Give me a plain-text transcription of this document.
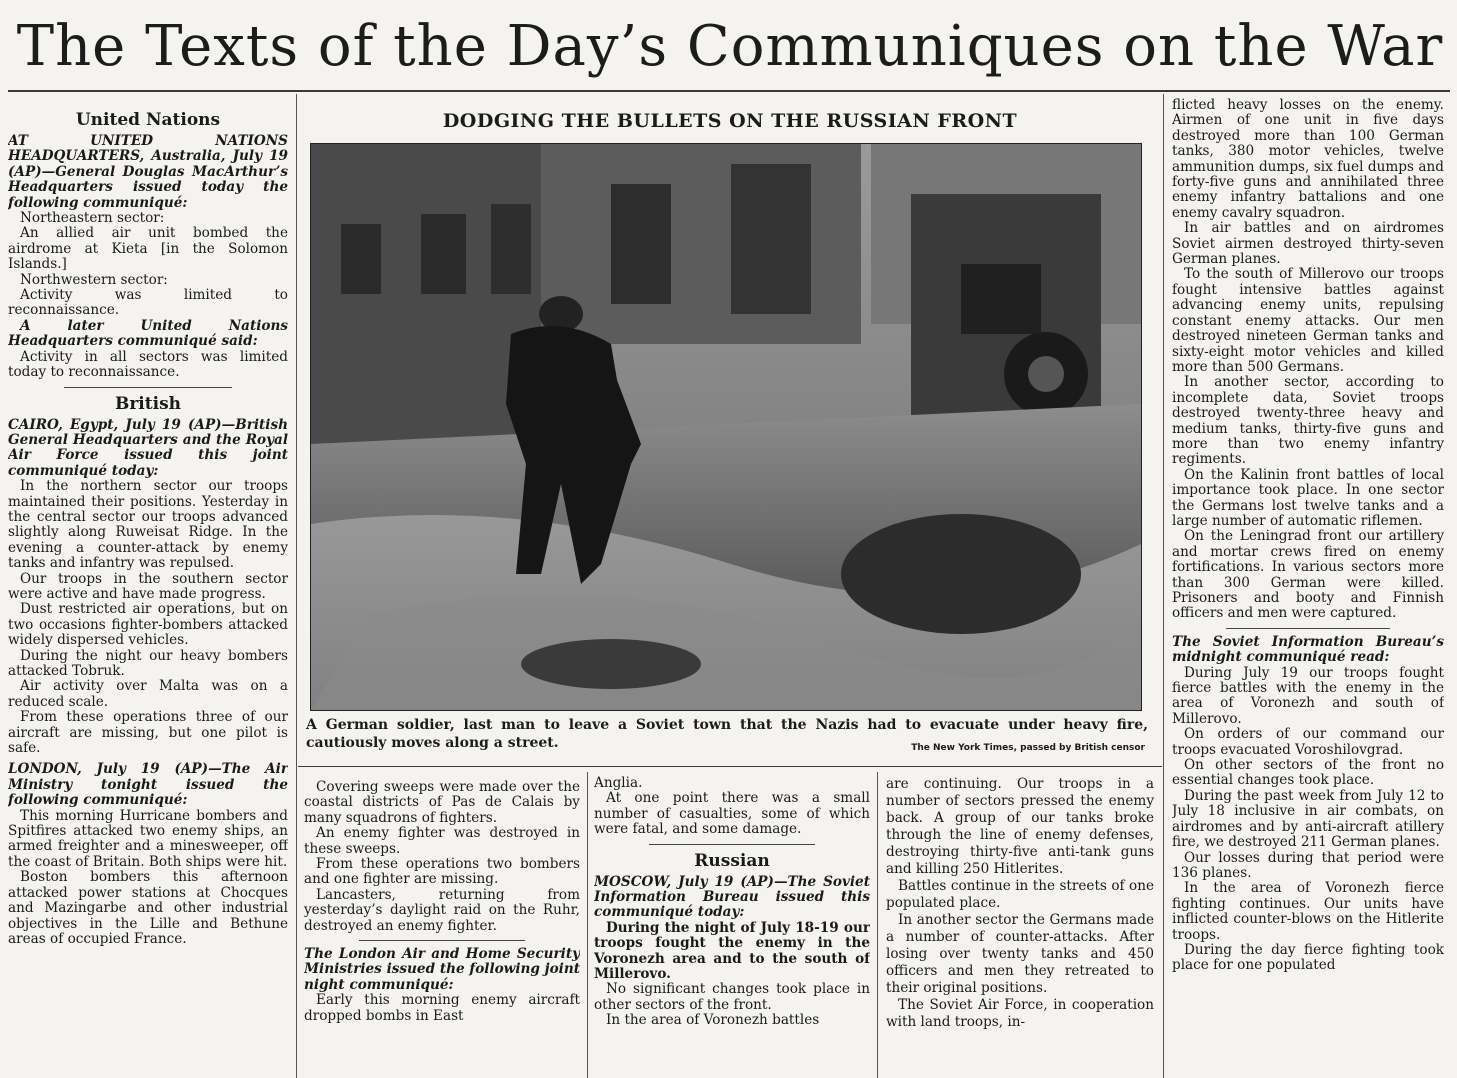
The Texts of the Day’s Communiques on the War
United Nations

AT UNITED NATIONS HEADQUARTERS, Australia, July 19 (AP)—General Douglas MacArthur’s Headquarters issued today the following communiqué:

Northeastern sector:

An allied air unit bombed the airdrome at Kieta [in the Solomon Islands.]

Northwestern sector:

Activity was limited to reconnaissance.

A later United Nations Headquarters communiqué said:

Activity in all sectors was limited today to reconnaissance.

British

CAIRO, Egypt, July 19 (AP)—British General Headquarters and the Royal Air Force issued this joint communiqué today:

In the northern sector our troops maintained their positions. Yesterday in the central sector our troops advanced slightly along Ruweisat Ridge. In the evening a counter-attack by enemy tanks and infantry was repulsed.

Our troops in the southern sector were active and have made progress.

Dust restricted air operations, but on two occasions fighter-bombers attacked widely dispersed vehicles.

During the night our heavy bombers attacked Tobruk.

Air activity over Malta was on a reduced scale.

From these operations three of our aircraft are missing, but one pilot is safe.

LONDON, July 19 (AP)—The Air Ministry tonight issued the following communiqué:

This morning Hurricane bombers and Spitfires attacked two enemy ships, an armed freighter and a minesweeper, off the coast of Britain. Both ships were hit.

Boston bombers this afternoon attacked power stations at Chocques and Mazingarbe and other industrial objectives in the Lille and Bethune areas of occupied France.

DODGING THE BULLETS ON THE RUSSIAN FRONT
A German soldier, last man to leave a Soviet town that the Nazis had to evacuate under heavy fire, cautiously moves along a street.	The New York Times, passed by British censor

Covering sweeps were made over the coastal districts of Pas de Calais by many squadrons of fighters.

An enemy fighter was destroyed in these sweeps.

From these operations two bombers and one fighter are missing.

Lancasters, returning from yesterday’s daylight raid on the Ruhr, destroyed an enemy fighter.

The London Air and Home Security Ministries issued the following joint night communiqué:

Early this morning enemy aircraft dropped bombs in East

Anglia.

At one point there was a small number of casualties, some of which were fatal, and some damage.

Russian

MOSCOW, July 19 (AP)—The Soviet Information Bureau issued this communiqué today:

During the night of July 18-19 our troops fought the enemy in the Voronezh area and to the south of Millerovo.

No significant changes took place in other sectors of the front.

In the area of Voronezh battles

are continuing. Our troops in a number of sectors pressed the enemy back. A group of our tanks broke through the line of enemy defenses, destroying thirty-five anti-tank guns and killing 250 Hitlerites.

Battles continue in the streets of one populated place.

In another sector the Germans made a number of counter-attacks. After losing over twenty tanks and 450 officers and men they retreated to their original positions.

The Soviet Air Force, in cooperation with land troops, in-

flicted heavy losses on the enemy. Airmen of one unit in five days destroyed more than 100 German tanks, 380 motor vehicles, twelve ammunition dumps, six fuel dumps and forty-five guns and annihilated three enemy infantry battalions and one enemy cavalry squadron.

In air battles and on airdromes Soviet airmen destroyed thirty-seven German planes.

To the south of Millerovo our troops fought intensive battles against advancing enemy units, repulsing constant enemy attacks. Our men destroyed nineteen German tanks and sixty-eight motor vehicles and killed more than 500 Germans.

In another sector, according to incomplete data, Soviet troops destroyed twenty-three heavy and medium tanks, thirty-five guns and more than two enemy infantry regiments.

On the Kalinin front battles of local importance took place. In one sector the Germans lost twelve tanks and a large number of automatic riflemen.

On the Leningrad front our artillery and mortar crews fired on enemy fortifications. In various sectors more than 300 German were killed. Prisoners and booty and Finnish officers and men were captured.

The Soviet Information Bureau’s midnight communiqué read:

During July 19 our troops fought fierce battles with the enemy in the area of Voronezh and south of Millerovo.

On orders of our command our troops evacuated Voroshilovgrad.

On other sectors of the front no essential changes took place.

During the past week from July 12 to July 18 inclusive in air combats, on airdromes and by anti-aircraft atillery fire, we destroyed 211 German planes.

Our losses during that period were 136 planes.

In the area of Voronezh fierce fighting continues. Our units have inflicted counter-blows on the Hitlerite troops.

During the day fierce fighting took place for one populated
